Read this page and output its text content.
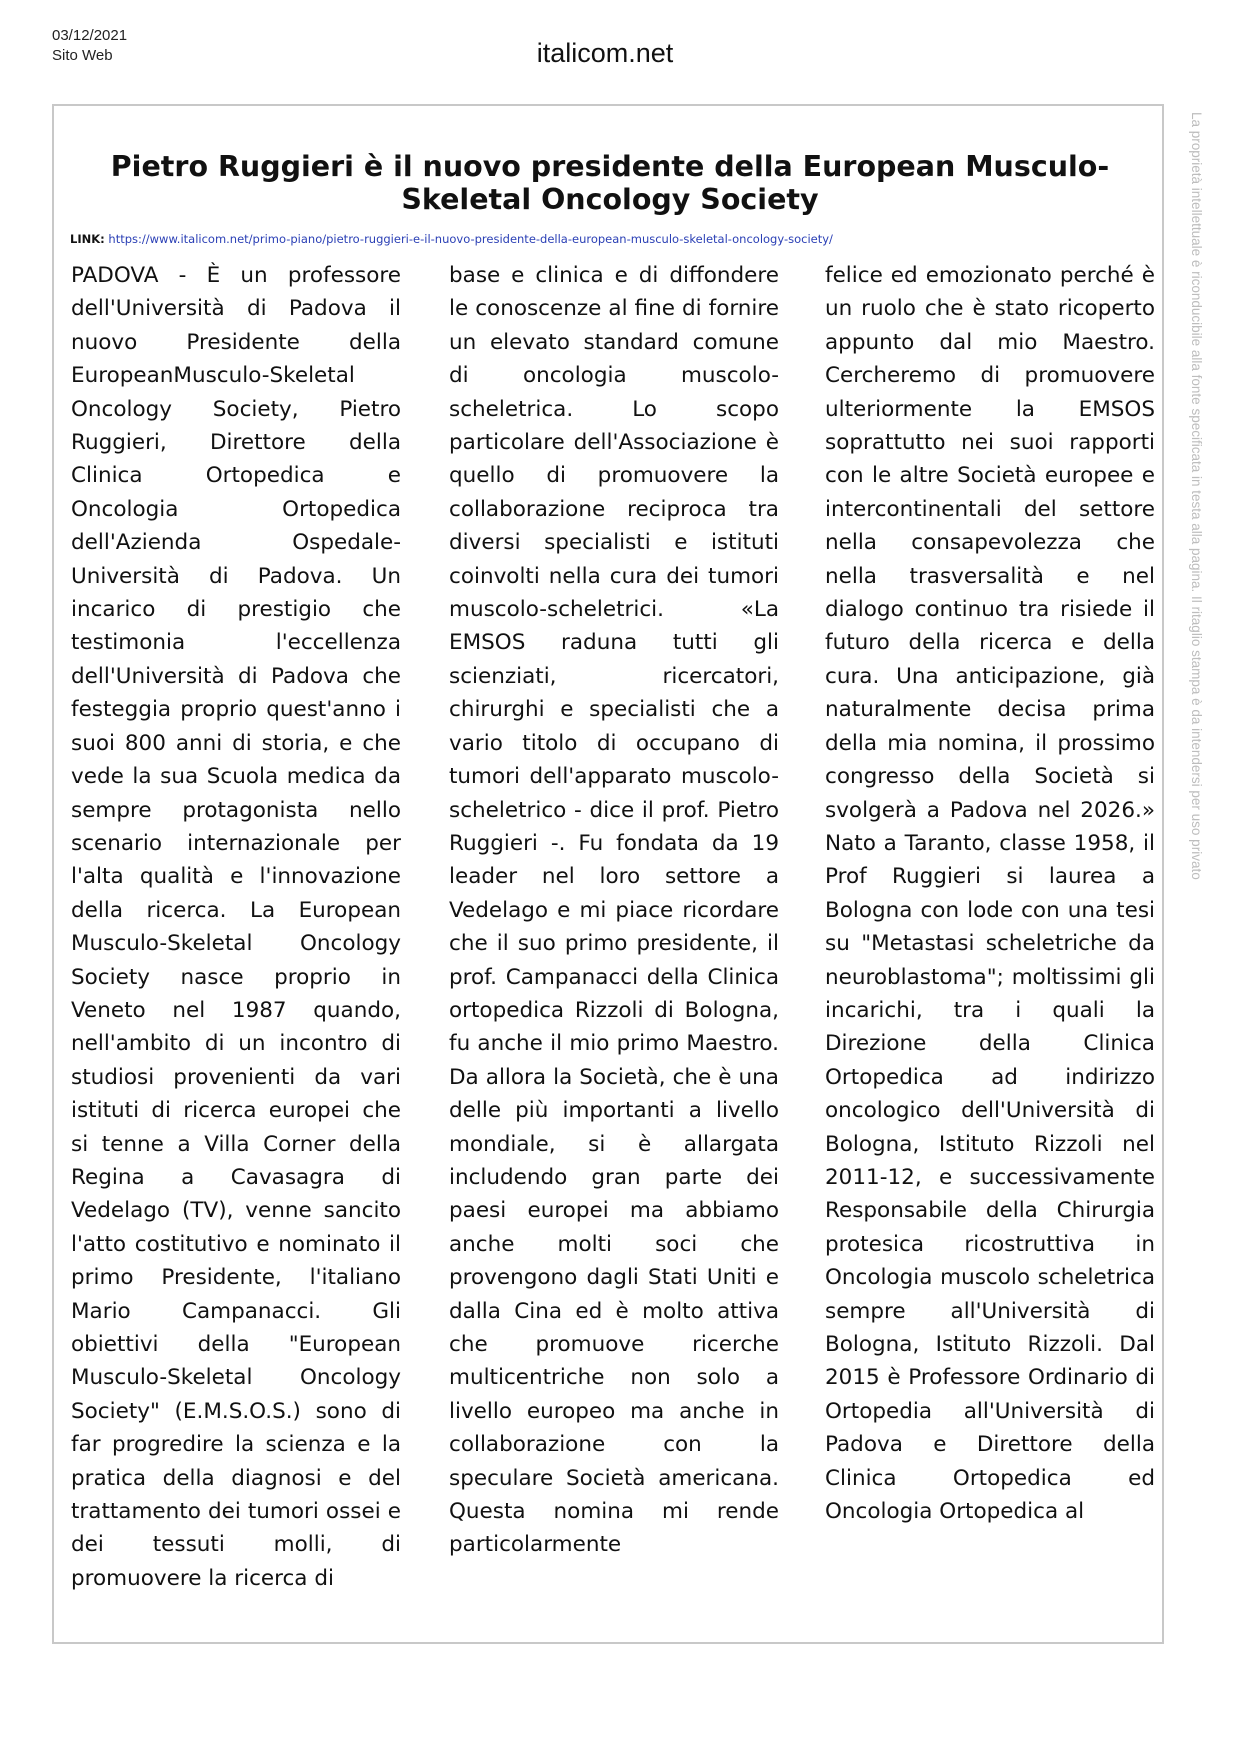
03/12/2021
Sito Web	italicom.net
Pietro Ruggieri è il nuovo presidente della European Musculo-Skeletal Oncology Society
LINK: https://www.italicom.net/primo-piano/pietro-ruggieri-e-il-nuovo-presidente-della-european-musculo-skeletal-oncology-society/

PADOVA - È un professore dell'Università di Padova il nuovo Presidente della EuropeanMusculo-Skeletal Oncology Society, Pietro Ruggieri, Direttore della Clinica Ortopedica e Oncologia Ortopedica dell'Azienda Ospedale-Università di Padova. Un incarico di prestigio che testimonia l'eccellenza dell'Università di Padova che festeggia proprio quest'anno i suoi 800 anni di storia, e che vede la sua Scuola medica da sempre protagonista nello scenario internazionale per l'alta qualità e l'innovazione della ricerca. La European Musculo-Skeletal Oncology Society nasce proprio in Veneto nel 1987 quando, nell'ambito di un incontro di studiosi provenienti da vari istituti di ricerca europei che si tenne a Villa Corner della Regina a Cavasagra di Vedelago (TV), venne sancito l'atto costitutivo e nominato il primo Presidente, l'italiano Mario Campanacci. Gli obiettivi della "European Musculo-Skeletal Oncology Society" (E.M.S.O.S.) sono di far progredire la scienza e la pratica della diagnosi e del trattamento dei tumori ossei e dei tessuti molli, di promuovere la ricerca di

base e clinica e di diffondere le conoscenze al fine di fornire un elevato standard comune di oncologia muscolo-scheletrica. Lo scopo particolare dell'Associazione è quello di promuovere la collaborazione reciproca tra diversi specialisti e istituti coinvolti nella cura dei tumori muscolo-scheletrici. «La EMSOS raduna tutti gli scienziati, ricercatori, chirurghi e specialisti che a vario titolo di occupano di tumori dell'apparato muscolo-scheletrico - dice il prof. Pietro Ruggieri -. Fu fondata da 19 leader nel loro settore a Vedelago e mi piace ricordare che il suo primo presidente, il prof. Campanacci della Clinica ortopedica Rizzoli di Bologna, fu anche il mio primo Maestro. Da allora la Società, che è una delle più importanti a livello mondiale, si è allargata includendo gran parte dei paesi europei ma abbiamo anche molti soci che provengono dagli Stati Uniti e dalla Cina ed è molto attiva che promuove ricerche multicentriche non solo a livello europeo ma anche in collaborazione con la speculare Società americana. Questa nomina mi rende particolarmente

felice ed emozionato perché è un ruolo che è stato ricoperto appunto dal mio Maestro. Cercheremo di promuovere ulteriormente la EMSOS soprattutto nei suoi rapporti con le altre Società europee e intercontinentali del settore nella consapevolezza che nella trasversalità e nel dialogo continuo tra risiede il futuro della ricerca e della cura. Una anticipazione, già naturalmente decisa prima della mia nomina, il prossimo congresso della Società si svolgerà a Padova nel 2026.» Nato a Taranto, classe 1958, il Prof Ruggieri si laurea a Bologna con lode con una tesi su "Metastasi scheletriche da neuroblastoma"; moltissimi gli incarichi, tra i quali la Direzione della Clinica Ortopedica ad indirizzo oncologico dell'Università di Bologna, Istituto Rizzoli nel 2011-12, e successivamente Responsabile della Chirurgia protesica ricostruttiva in Oncologia muscolo scheletrica sempre all'Università di Bologna, Istituto Rizzoli. Dal 2015 è Professore Ordinario di Ortopedia all'Università di Padova e Direttore della Clinica Ortopedica ed Oncologia Ortopedica al

La proprietà intellettuale è riconducibile alla fonte specificata in testa alla pagina. Il ritaglio stampa è da intendersi per uso privato
